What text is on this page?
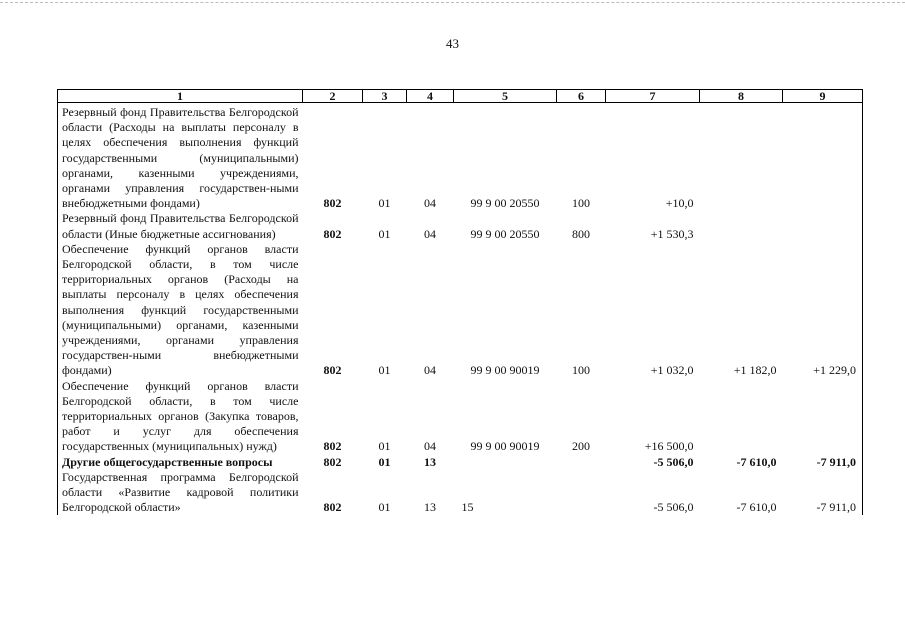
43
1	2	3	4	5	6	7	8	9
Резервный фонд Правительства Белгородской области (Расходы на выплаты персоналу в целях обеспечения выполнения функций государственными (муниципальными) органами, казенными учреждениями, органами управления государствен-ными внебюджетными фондами)	802	01	04	99 9 00 20550	100	+10,0		
Резервный фонд Правительства Белгородской области (Иные бюджетные ассигнования)	802	01	04	99 9 00 20550	800	+1 530,3		
Обеспечение функций органов власти Белгородской области, в том числе территориальных органов (Расходы на выплаты персоналу в целях обеспечения выполнения функций государственными (муниципальными) органами, казенными учреждениями, органами управления государствен-ными внебюджетными фондами)	802	01	04	99 9 00 90019	100	+1 032,0	+1 182,0	+1 229,0
Обеспечение функций органов власти Белгородской области, в том числе территориальных органов (Закупка товаров, работ и услуг для обеспечения государственных (муниципальных) нужд)	802	01	04	99 9 00 90019	200	+16 500,0		
Другие общегосударственные вопросы	802	01	13			-5 506,0	-7 610,0	-7 911,0
Государственная программа Белгородской области «Развитие кадровой политики Белгородской области»	802	01	13	15		-5 506,0	-7 610,0	-7 911,0
